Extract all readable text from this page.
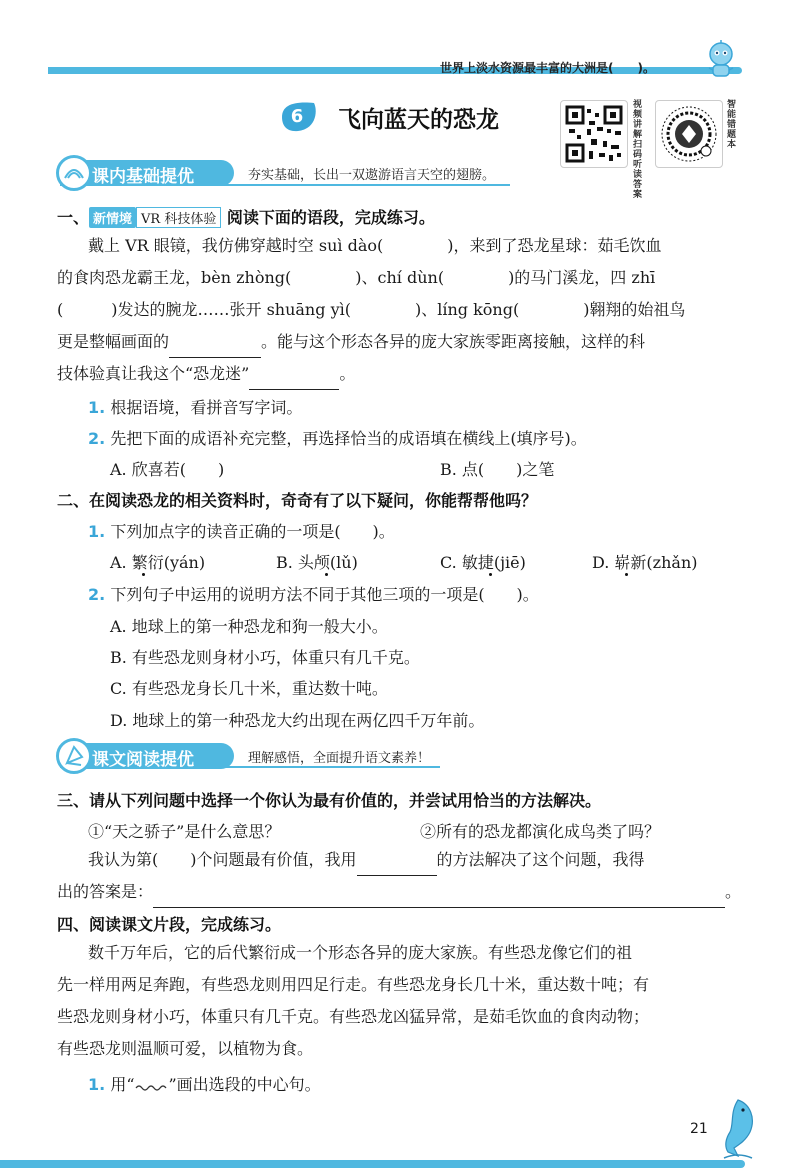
世界上淡水资源最丰富的大洲是(　　)。
6	飞向蓝天的恐龙
视频讲解扫码听读答案
智能错题本
课内基础提优	夯实基础，长出一双遨游语言天空的翅膀。
一、 新情境 VR 科技体验 阅读下面的语段，完成练习。
戴上 VR 眼镜，我仿佛穿越时空 suì dào(　　　　)，来到了恐龙星球：茹毛饮血
的食肉恐龙霸王龙，bèn zhòng(　　　　)、chí dùn(　　　　)的马门溪龙，四 zhī
(　　　)发达的腕龙……张开 shuāng yì(　　　　)、líng kōng(　　　　)翱翔的始祖鸟
更是整幅画面的	。能与这个形态各异的庞大家族零距离接触，这样的科
技体验真让我这个“恐龙迷”	。
1. 根据语境，看拼音写字词。
2. 先把下面的成语补充完整，再选择恰当的成语填在横线上(填序号)。
A. 欣喜若(　　)	B. 点(　　)之笔
二、在阅读恐龙的相关资料时，奇奇有了以下疑问，你能帮帮他吗？
1. 下列加点字的读音正确的一项是(　　)。
A. 繁衍(yán)	B. 头颅(lǔ)	C. 敏捷(jiē)	D. 崭新(zhǎn)
2. 下列句子中运用的说明方法不同于其他三项的一项是(　　)。
A. 地球上的第一种恐龙和狗一般大小。
B. 有些恐龙则身材小巧，体重只有几千克。
C. 有些恐龙身长几十米，重达数十吨。
D. 地球上的第一种恐龙大约出现在两亿四千万年前。
课文阅读提优	理解感悟，全面提升语文素养！
三、请从下列问题中选择一个你认为最有价值的，并尝试用恰当的方法解决。
①“天之骄子”是什么意思？	②所有的恐龙都演化成鸟类了吗？
我认为第(　　)个问题最有价值，我用	的方法解决了这个问题，我得
出的答案是：	。
四、阅读课文片段，完成练习。
数千万年后，它的后代繁衍成一个形态各异的庞大家族。有些恐龙像它们的祖
先一样用两足奔跑，有些恐龙则用四足行走。有些恐龙身长几十米，重达数十吨；有
些恐龙则身材小巧，体重只有几千克。有些恐龙凶猛异常，是茹毛饮血的食肉动物；
有些恐龙则温顺可爱，以植物为食。
1. 用“ ”画出选段的中心句。
21
